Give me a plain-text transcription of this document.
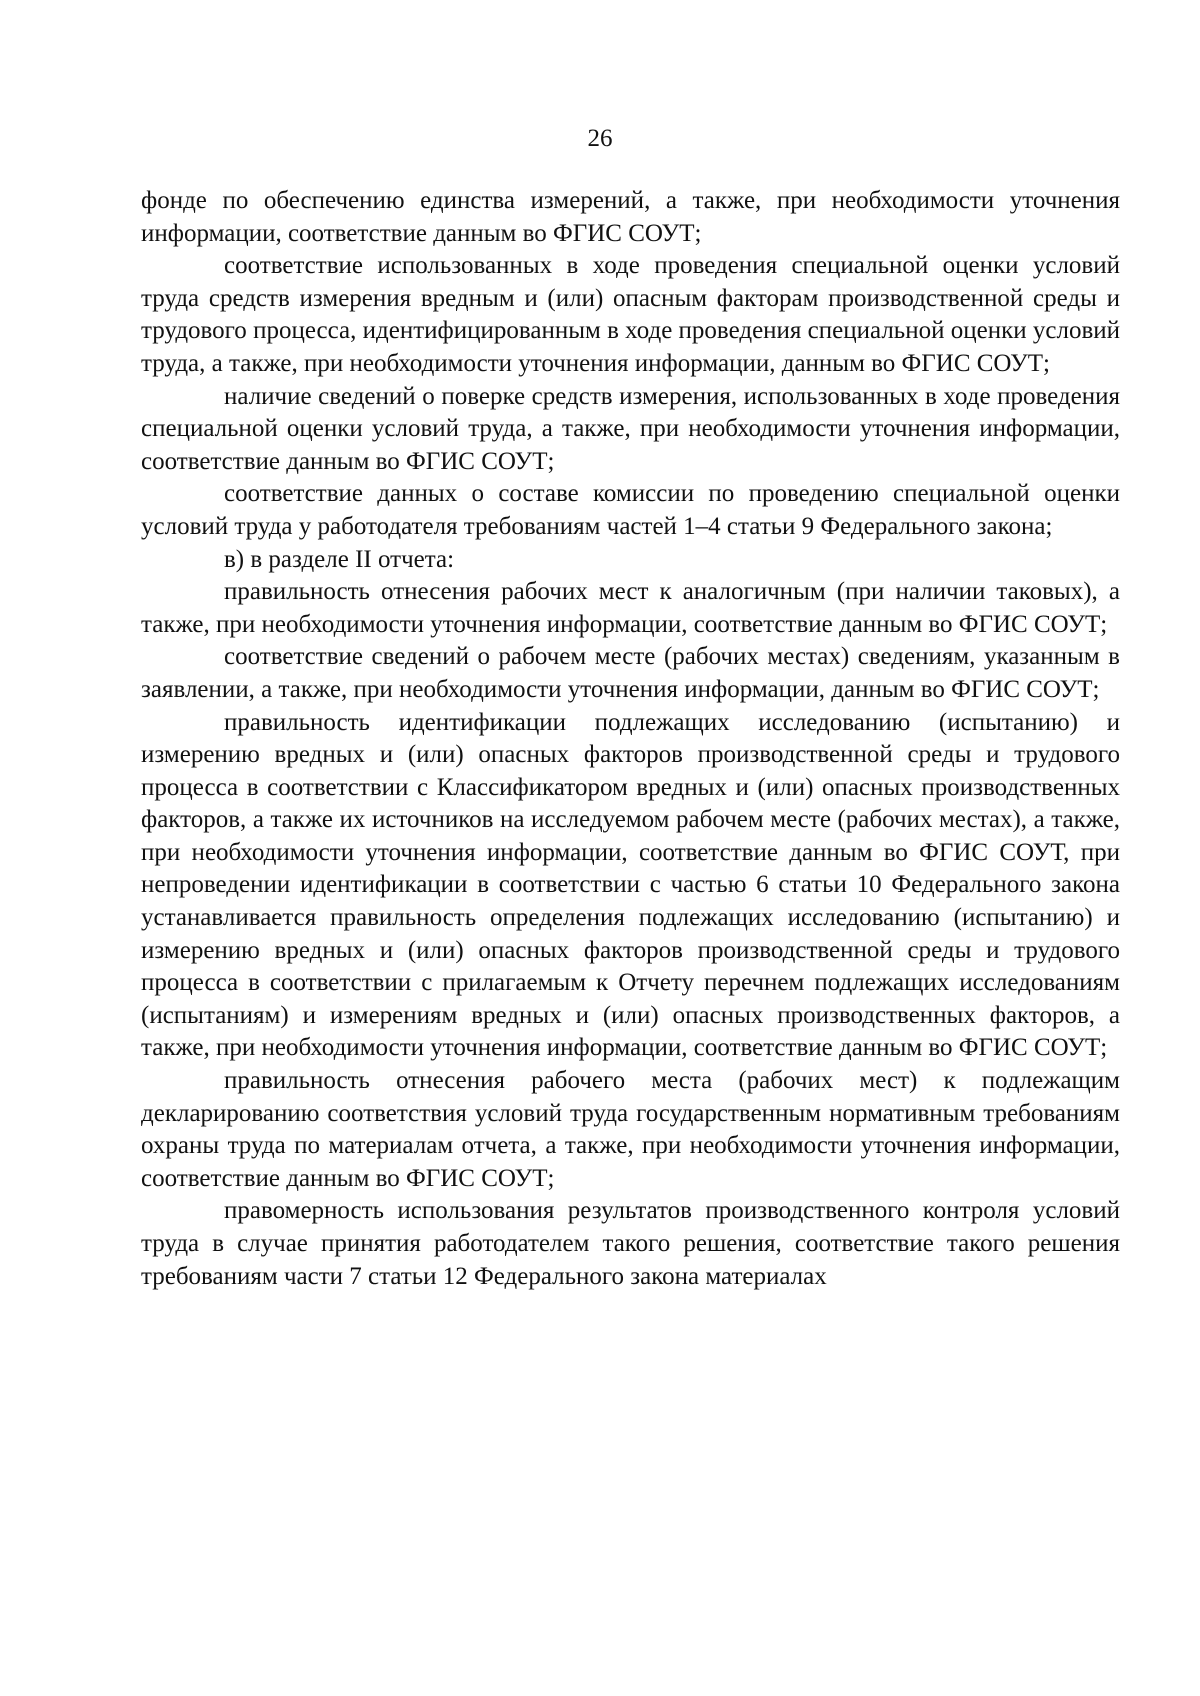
26

фонде по обеспечению единства измерений, а также, при необходимости уточнения информации, соответствие данным во ФГИС СОУТ;

соответствие использованных в ходе проведения специальной оценки условий труда средств измерения вредным и (или) опасным факторам производственной среды и трудового процесса, идентифицированным в ходе проведения специальной оценки условий труда, а также, при необходимости уточнения информации, данным во ФГИС СОУТ;

наличие сведений о поверке средств измерения, использованных в ходе проведения специальной оценки условий труда, а также, при необходимости уточнения информации, соответствие данным во ФГИС СОУТ;

соответствие данных о составе комиссии по проведению специальной оценки условий труда у работодателя требованиям частей 1–4 статьи 9 Федерального закона;

в) в разделе II отчета:

правильность отнесения рабочих мест к аналогичным (при наличии таковых), а также, при необходимости уточнения информации, соответствие данным во ФГИС СОУТ;

соответствие сведений о рабочем месте (рабочих местах) сведениям, указанным в заявлении, а также, при необходимости уточнения информации, данным во ФГИС СОУТ;

правильность идентификации подлежащих исследованию (испытанию) и измерению вредных и (или) опасных факторов производственной среды и трудового процесса в соответствии с Классификатором вредных и (или) опасных производственных факторов, а также их источников на исследуемом рабочем месте (рабочих местах), а также, при необходимости уточнения информации, соответствие данным во ФГИС СОУТ, при непроведении идентификации в соответствии с частью 6 статьи 10 Федерального закона устанавливается правильность определения подлежащих исследованию (испытанию) и измерению вредных и (или) опасных факторов производственной среды и трудового процесса в соответствии с прилагаемым к Отчету перечнем подлежащих исследованиям (испытаниям) и измерениям вредных и (или) опасных производственных факторов, а также, при необходимости уточнения информации, соответствие данным во ФГИС СОУТ;

правильность отнесения рабочего места (рабочих мест) к подлежащим декларированию соответствия условий труда государственным нормативным требованиям охраны труда по материалам отчета, а также, при необходимости уточнения информации, соответствие данным во ФГИС СОУТ;

правомерность использования результатов производственного контроля условий труда в случае принятия работодателем такого решения, соответствие такого решения требованиям части 7 статьи 12 Федерального закона материалах
